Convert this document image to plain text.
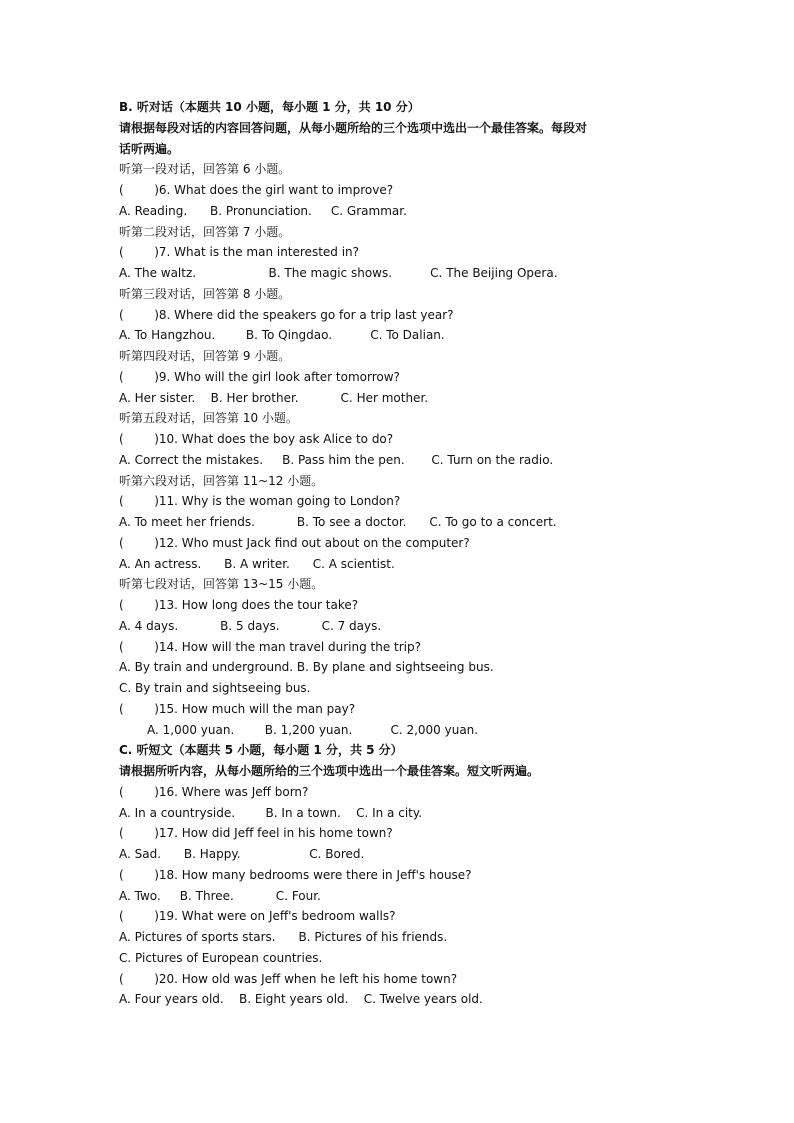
B. 听对话（本题共 10 小题，每小题 1 分，共 10 分）
请根据每段对话的内容回答问题，从每小题所给的三个选项中选出一个最佳答案。每段对
话听两遍。
听第一段对话，回答第 6 小题。
(        )6. What does the girl want to improve?
A. Reading.      B. Pronunciation.     C. Grammar.
听第二段对话，回答第 7 小题。
(        )7. What is the man interested in?
A. The waltz.                   B. The magic shows.          C. The Beijing Opera.
听第三段对话，回答第 8 小题。
(        )8. Where did the speakers go for a trip last year?
A. To Hangzhou.        B. To Qingdao.          C. To Dalian.
听第四段对话，回答第 9 小题。
(        )9. Who will the girl look after tomorrow?
A. Her sister.    B. Her brother.           C. Her mother.
听第五段对话，回答第 10 小题。
(        )10. What does the boy ask Alice to do?
A. Correct the mistakes.     B. Pass him the pen.       C. Turn on the radio.
听第六段对话，回答第 11~12 小题。
(        )11. Why is the woman going to London?
A. To meet her friends.           B. To see a doctor.      C. To go to a concert.
(        )12. Who must Jack find out about on the computer?
A. An actress.      B. A writer.      C. A scientist.
听第七段对话，回答第 13~15 小题。
(        )13. How long does the tour take?
A. 4 days.           B. 5 days.           C. 7 days.
(        )14. How will the man travel during the trip?
A. By train and underground. B. By plane and sightseeing bus.
C. By train and sightseeing bus.
(        )15. How much will the man pay?
A. 1,000 yuan.        B. 1,200 yuan.          C. 2,000 yuan.
C. 听短文（本题共 5 小题，每小题 1 分，共 5 分）
请根据所听内容，从每小题所给的三个选项中选出一个最佳答案。短文听两遍。
(        )16. Where was Jeff born?
A. In a countryside.        B. In a town.    C. In a city.
(        )17. How did Jeff feel in his home town?
A. Sad.      B. Happy.                  C. Bored.
(        )18. How many bedrooms were there in Jeff's house?
A. Two.     B. Three.           C. Four.
(        )19. What were on Jeff's bedroom walls?
A. Pictures of sports stars.      B. Pictures of his friends.
C. Pictures of European countries.
(        )20. How old was Jeff when he left his home town?
A. Four years old.    B. Eight years old.    C. Twelve years old.
